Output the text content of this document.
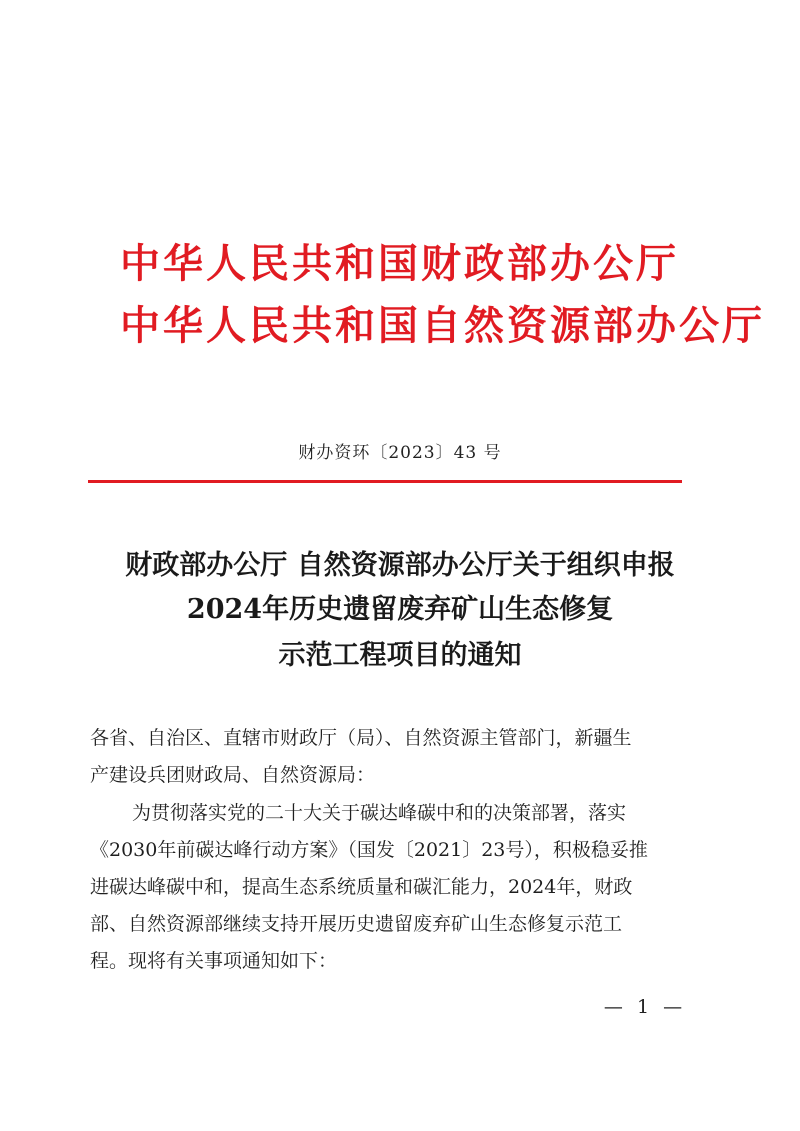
中华人民共和国财政部办公厅
中华人民共和国自然资源部办公厅
财办资环〔2023〕43 号
财政部办公厅 自然资源部办公厅关于组织申报
2024年历史遗留废弃矿山生态修复
示范工程项目的通知
各省、自治区、直辖市财政厅（局）、自然资源主管部门，新疆生
产建设兵团财政局、自然资源局：
为贯彻落实党的二十大关于碳达峰碳中和的决策部署，落实
《2030年前碳达峰行动方案》（国发〔2021〕23号），积极稳妥推
进碳达峰碳中和，提高生态系统质量和碳汇能力，2024年，财政
部、自然资源部继续支持开展历史遗留废弃矿山生态修复示范工
程。现将有关事项通知如下：
— 1 —
